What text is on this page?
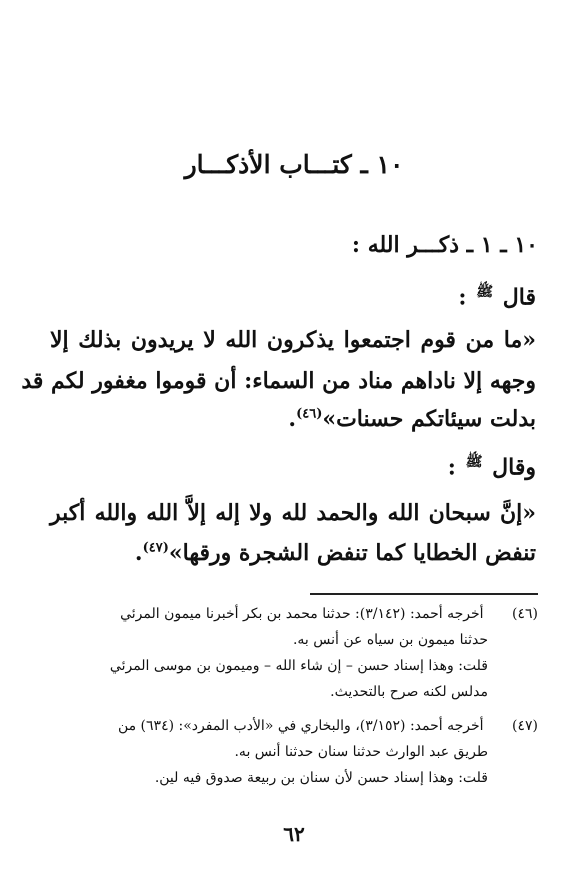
١٠ ـ كتـــاب الأذكـــار
١٠ ـ ١ ـ ذكـــر الله :
قال ﷺ :
«ما من قوم اجتمعوا يذكرون الله لا يريدون بذلك إلا
وجهه إلا ناداهم مناد من السماء: أن قوموا مغفور لكم قد
بدلت سيئاتكم حسنات»$^{(٤٦)}$.
وقال ﷺ :
«إنَّ سبحان الله والحمد لله ولا إله إلاَّ الله والله أكبر
تنفض الخطايا كما تنفض الشجرة ورقها»$^{(٤٧)}$.
(٤٦) أخرجه أحمد: (٣/١٤٢): حدثنا محمد بن بكر أخبرنا ميمون المرئي
حدثنا ميمون بن سياه عن أنس به.
قلت: وهذا إسناد حسن – إن شاء الله – وميمون بن موسى المرئي
مدلس لكنه صرح بالتحديث.
(٤٧) أخرجه أحمد: (٣/١٥٢)، والبخاري في «الأدب المفرد»: (٦٣٤) من
طريق عبد الوارث حدثنا سنان حدثنا أنس به.
قلت: وهذا إسناد حسن لأن سنان بن ربيعة صدوق فيه لين.
٦٢
